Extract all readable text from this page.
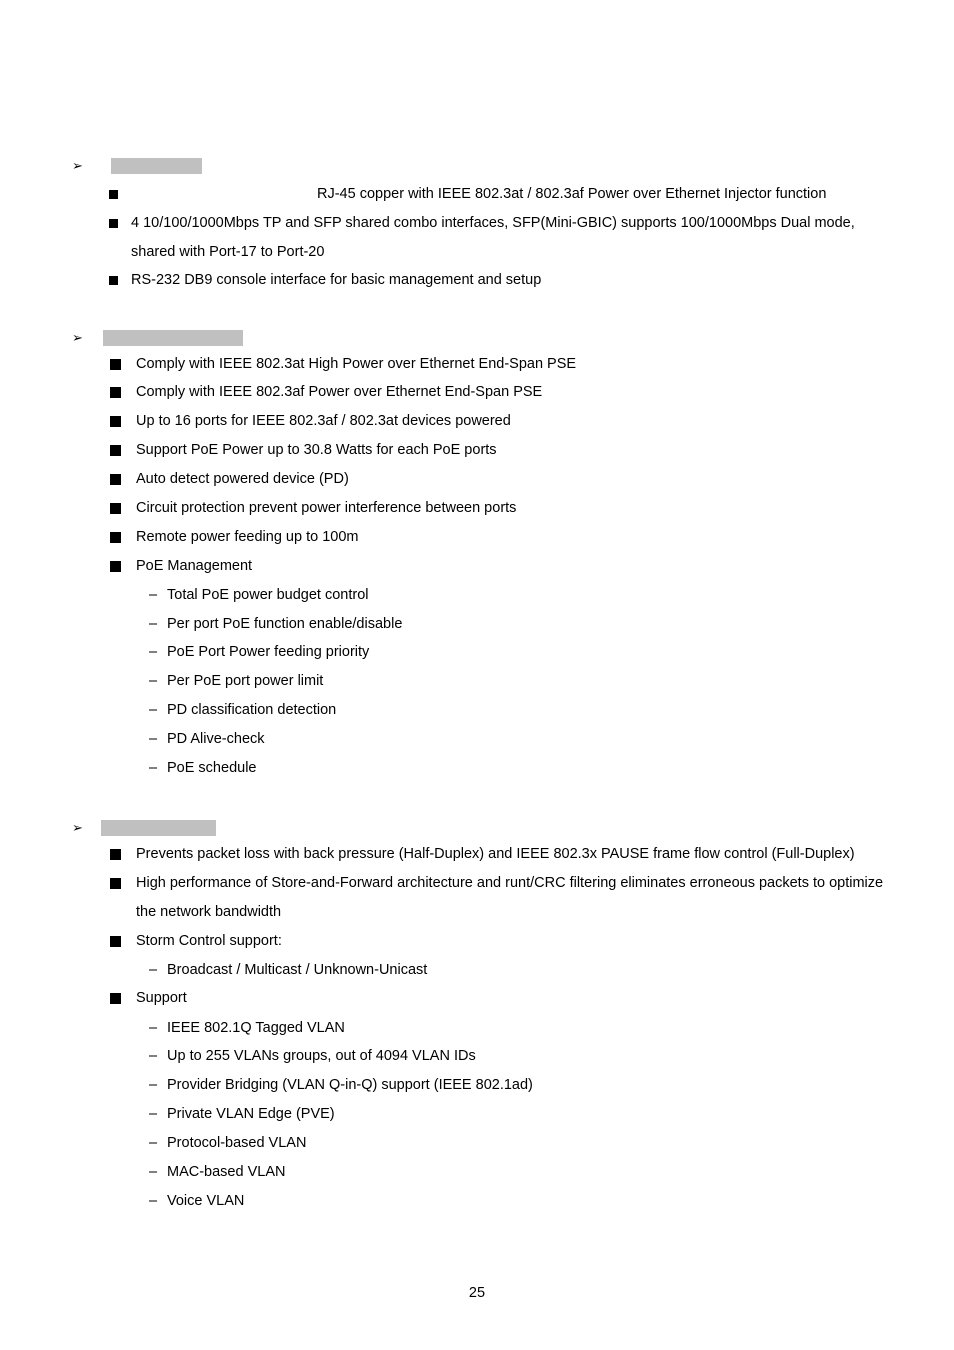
➢
RJ-45 copper with IEEE 802.3at / 802.3af Power over Ethernet Injector function
4 10/100/1000Mbps TP and SFP shared combo interfaces, SFP(Mini-GBIC) supports 100/1000Mbps Dual mode,
shared with Port-17 to Port-20
RS-232 DB9 console interface for basic management and setup
➢
Comply with IEEE 802.3at High Power over Ethernet End-Span PSE
Comply with IEEE 802.3af Power over Ethernet End-Span PSE
Up to 16 ports for IEEE 802.3af / 802.3at devices powered
Support PoE Power up to 30.8 Watts for each PoE ports
Auto detect powered device (PD)
Circuit protection prevent power interference between ports
Remote power feeding up to 100m
PoE Management
– Total PoE power budget control
– Per port PoE function enable/disable
– PoE Port Power feeding priority
– Per PoE port power limit
– PD classification detection
– PD Alive-check
– PoE schedule
➢
Prevents packet loss with back pressure (Half-Duplex) and IEEE 802.3x PAUSE frame flow control (Full-Duplex)
High performance of Store-and-Forward architecture and runt/CRC filtering eliminates erroneous packets to optimize
the network bandwidth
Storm Control support:
– Broadcast / Multicast / Unknown-Unicast
Support
– IEEE 802.1Q Tagged VLAN
– Up to 255 VLANs groups, out of 4094 VLAN IDs
– Provider Bridging (VLAN Q-in-Q) support (IEEE 802.1ad)
– Private VLAN Edge (PVE)
– Protocol-based VLAN
– MAC-based VLAN
– Voice VLAN
25
